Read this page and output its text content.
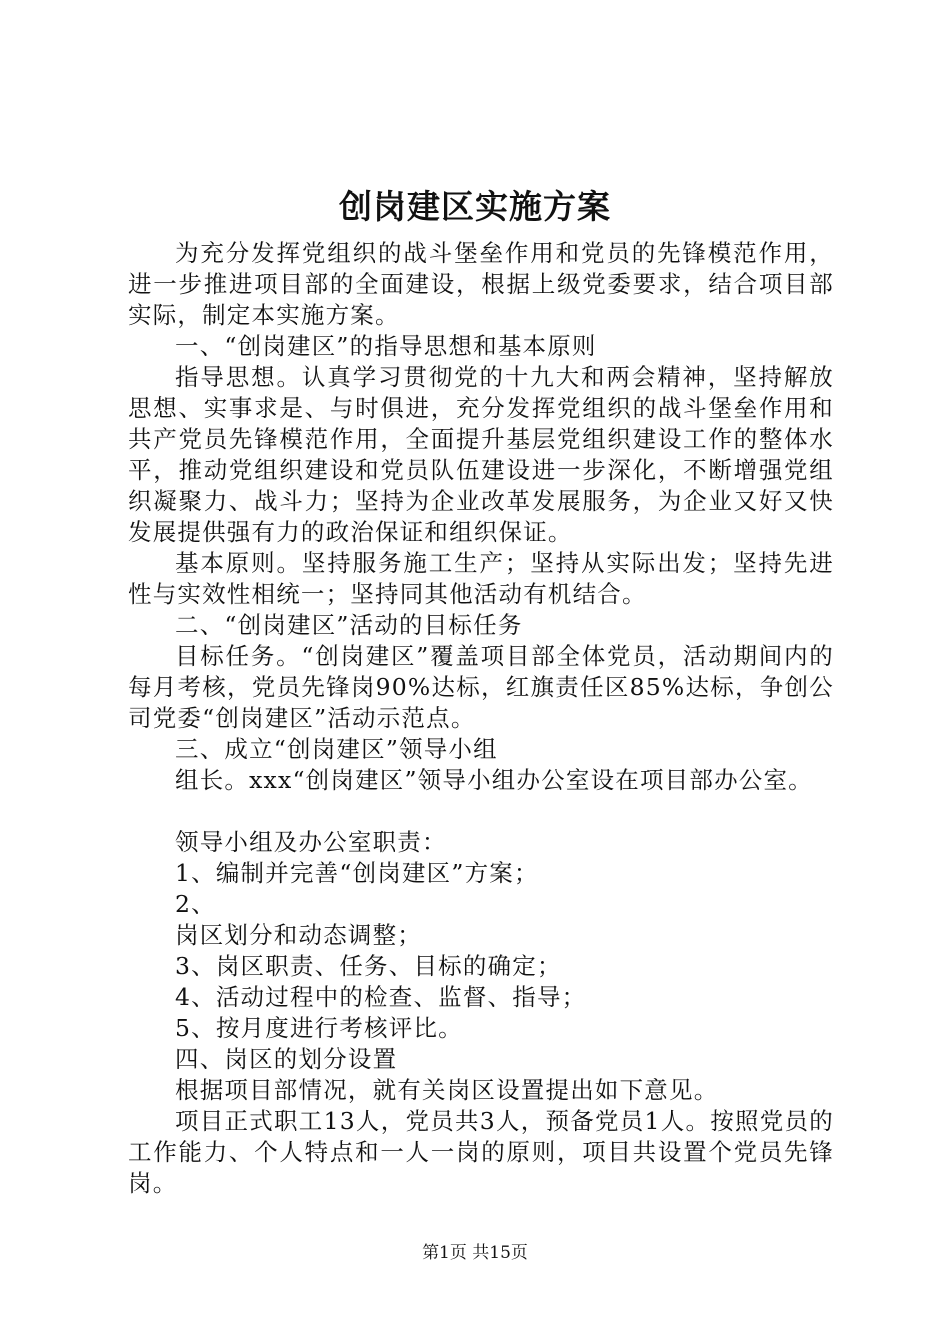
创岗建区实施方案

为充分发挥党组织的战斗堡垒作用和党员的先锋模范作用，进一步推进项目部的全面建设，根据上级党委要求，结合项目部实际，制定本实施方案。

一、“创岗建区”的指导思想和基本原则

指导思想。认真学习贯彻党的十九大和两会精神，坚持解放思想、实事求是、与时俱进，充分发挥党组织的战斗堡垒作用和共产党员先锋模范作用，全面提升基层党组织建设工作的整体水平，推动党组织建设和党员队伍建设进一步深化，不断增强党组织凝聚力、战斗力；坚持为企业改革发展服务，为企业又好又快发展提供强有力的政治保证和组织保证。

基本原则。坚持服务施工生产；坚持从实际出发；坚持先进性与实效性相统一；坚持同其他活动有机结合。

二、“创岗建区”活动的目标任务

目标任务。“创岗建区”覆盖项目部全体党员，活动期间内的每月考核，党员先锋岗90%达标，红旗责任区85%达标，争创公司党委“创岗建区”活动示范点。

三、成立“创岗建区”领导小组

组长。xxx“创岗建区”领导小组办公室设在项目部办公室。

领导小组及办公室职责：

1、编制并完善“创岗建区”方案；

2、

岗区划分和动态调整；

3、岗区职责、任务、目标的确定；

4、活动过程中的检查、监督、指导；

5、按月度进行考核评比。

四、岗区的划分设置

根据项目部情况，就有关岗区设置提出如下意见。

项目正式职工13人，党员共3人，预备党员1人。按照党员的工作能力、个人特点和一人一岗的原则，项目共设置个党员先锋岗。

第1页 共15页
